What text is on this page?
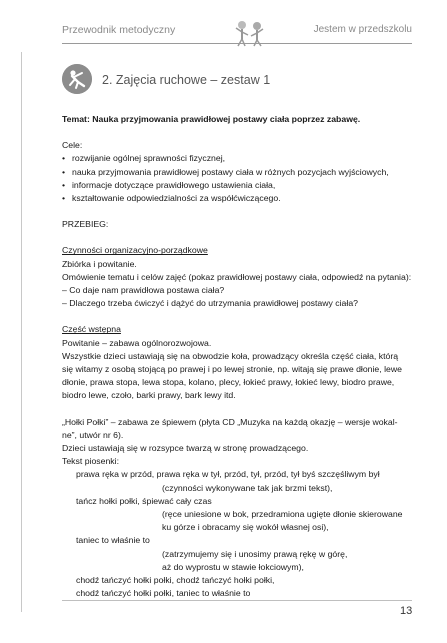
Przewodnik metodyczny	Jestem w przedszkolu
2. Zajęcia ruchowe – zestaw 1

Temat: Nauka przyjmowania prawidłowej postawy ciała poprzez zabawę.

Cele:

• rozwijanie ogólnej sprawności fizycznej,

• nauka przyjmowania prawidłowej postawy ciała w różnych pozycjach wyjściowych,

• informacje dotyczące prawidłowego ustawienia ciała,

• kształtowanie odpowiedzialności za współćwiczącego.

PRZEBIEG:

Czynności organizacyjno-porządkowe

Zbiórka i powitanie.

Omówienie tematu i celów zajęć (pokaz prawidłowej postawy ciała, odpowiedź na pytania):

– Co daje nam prawidłowa postawa ciała?

– Dlaczego trzeba ćwiczyć i dążyć do utrzymania prawidłowej postawy ciała?

Część wstępna

Powitanie – zabawa ogólnorozwojowa.

Wszystkie dzieci ustawiają się na obwodzie koła, prowadzący określa część ciała, którą

się witamy z osobą stojącą po prawej i po lewej stronie, np. witają się prawe dłonie, lewe

dłonie, prawa stopa, lewa stopa, kolano, plecy, łokieć prawy, łokieć lewy, biodro prawe,

biodro lewe, czoło, barki prawy, bark lewy itd.

„Hołki Połki” – zabawa ze śpiewem (płyta CD „Muzyka na każdą okazję – wersje wokal-

ne”, utwór nr 6).

Dzieci ustawiają się w rozsypce twarzą w stronę prowadzącego.

Tekst piosenki:

prawa ręka w przód, prawa ręka w tył, przód, tył, przód, tył byś szczęśliwym był

(czynności wykonywane tak jak brzmi tekst),

tańcz hołki połki, śpiewać cały czas

(ręce uniesione w bok, przedramiona ugięte dłonie skierowane

ku górze i obracamy się wokół własnej osi),

taniec to właśnie to

(zatrzymujemy się i unosimy prawą rękę w górę,

aż do wyprostu w stawie łokciowym),

chodź tańczyć hołki połki, chodź tańczyć hołki połki,

chodź tańczyć hołki połki, taniec to właśnie to

13
